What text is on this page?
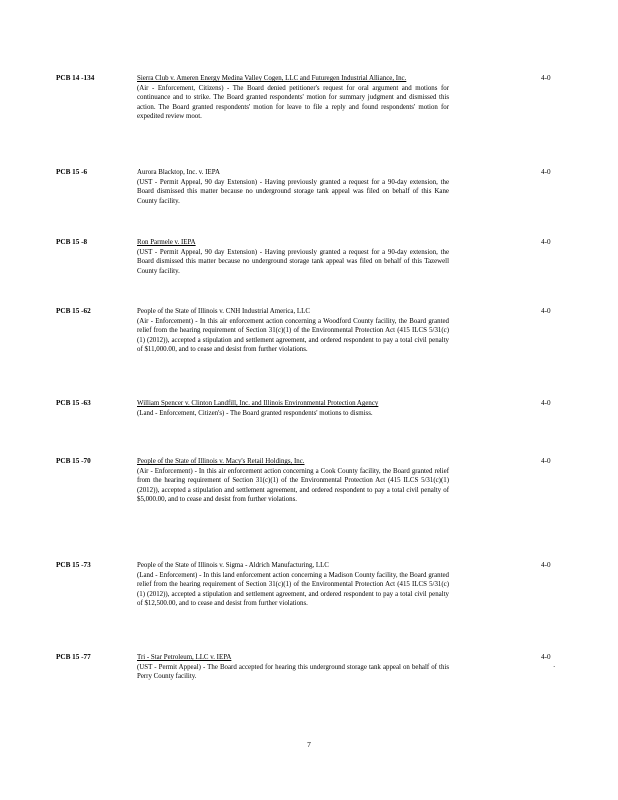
PCB 14 -134	Sierra Club v. Ameren Energy Medina Valley Cogen, LLC and Futuregen Industrial Alliance, Inc.
(Air - Enforcement, Citizens) - The Board denied petitioner's request for oral argument and motions for continuance and to strike. The Board granted respondents' motion for summary judgment and dismissed this action. The Board granted respondents' motion for leave to file a reply and found respondents' motion for expedited review moot.
4-0
PCB 15 -6	Aurora Blacktop, Inc. v. IEPA
(UST - Permit Appeal, 90 day Extension) - Having previously granted a request for a 90-day extension, the Board dismissed this matter because no underground storage tank appeal was filed on behalf of this Kane County facility.
4-0
PCB 15 -8	Ron Parmele v. IEPA
(UST - Permit Appeal, 90 day Extension) - Having previously granted a request for a 90-day extension, the Board dismissed this matter because no underground storage tank appeal was filed on behalf of this Tazewell County facility.
4-0
PCB 15 -62	People of the State of Illinois v. CNH Industrial America, LLC
(Air - Enforcement) - In this air enforcement action concerning a Woodford County facility, the Board granted relief from the hearing requirement of Section 31(c)(1) of the Environmental Protection Act (415 ILCS 5/31(c)(1) (2012)), accepted a stipulation and settlement agreement, and ordered respondent to pay a total civil penalty of $11,000.00, and to cease and desist from further violations.
4-0
PCB 15 -63	William Spencer v. Clinton Landfill, Inc. and Illinois Environmental Protection Agency
(Land - Enforcement, Citizen's) - The Board granted respondents' motions to dismiss.
4-0
PCB 15 -70	People of the State of Illinois v. Macy's Retail Holdings, Inc.
(Air - Enforcement) - In this air enforcement action concerning a Cook County facility, the Board granted relief from the hearing requirement of Section 31(c)(1) of the Environmental Protection Act (415 ILCS 5/31(c)(1) (2012)), accepted a stipulation and settlement agreement, and ordered respondent to pay a total civil penalty of $5,000.00, and to cease and desist from further violations.
4-0
PCB 15 -73	People of the State of Illinois v. Sigma - Aldrich Manufacturing, LLC
(Land - Enforcement) - In this land enforcement action concerning a Madison County facility, the Board granted relief from the hearing requirement of Section 31(c)(1) of the Environmental Protection Act (415 ILCS 5/31(c)(1) (2012)), accepted a stipulation and settlement agreement, and ordered respondent to pay a total civil penalty of $12,500.00, and to cease and desist from further violations.
4-0
PCB 15 -77	Tri - Star Petroleum, LLC v. IEPA
(UST - Permit Appeal) - The Board accepted for hearing this underground storage tank appeal on behalf of this Perry County facility.
4-0
.
7
